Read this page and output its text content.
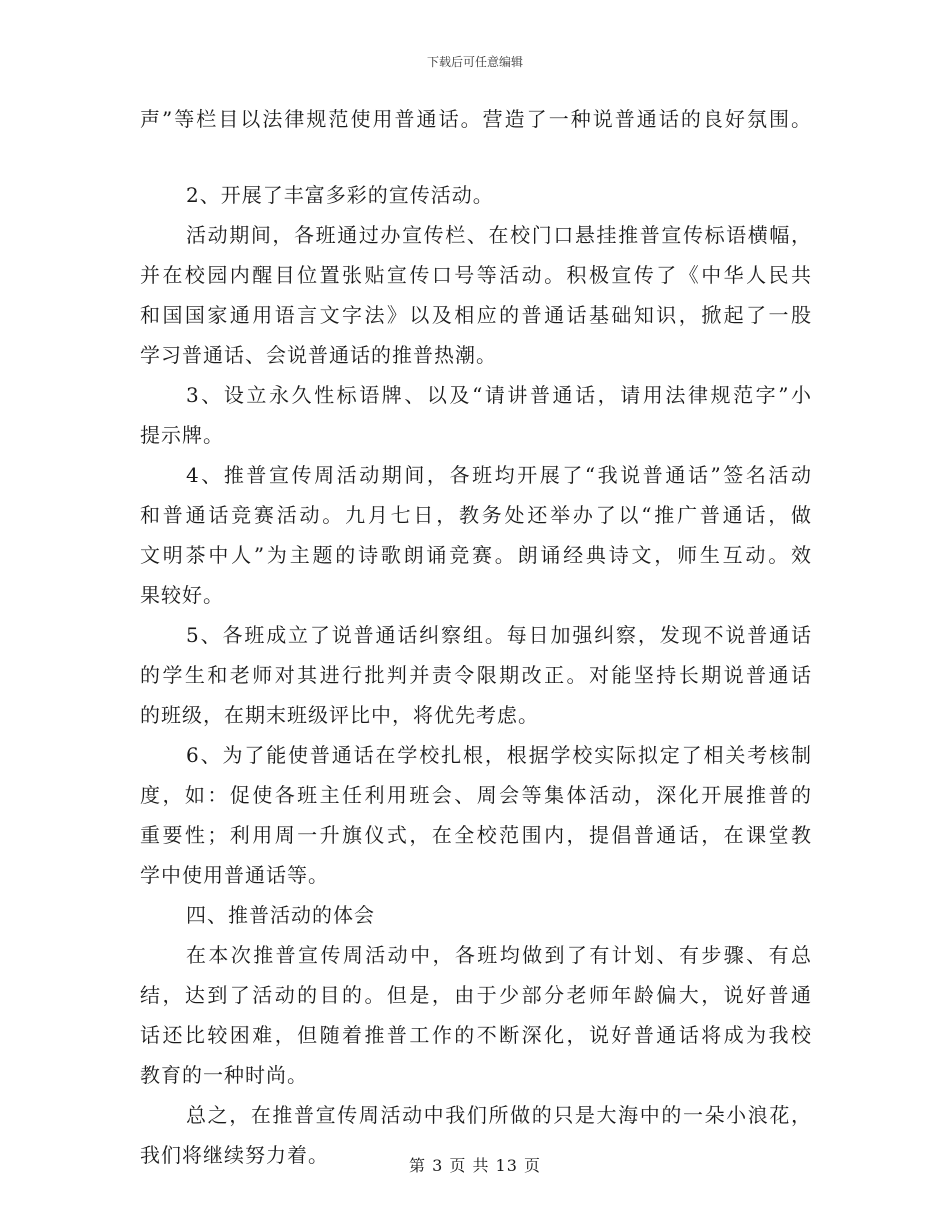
下载后可任意编辑
声”等栏目以法律规范使用普通话。营造了一种说普通话的良好氛围。
2、开展了丰富多彩的宣传活动。
活动期间，各班通过办宣传栏、在校门口悬挂推普宣传标语横幅，
并在校园内醒目位置张贴宣传口号等活动。积极宣传了《中华人民共
和国国家通用语言文字法》以及相应的普通话基础知识，掀起了一股
学习普通话、会说普通话的推普热潮。
3、设立永久性标语牌、以及“请讲普通话，请用法律规范字”小
提示牌。
4、推普宣传周活动期间，各班均开展了“我说普通话”签名活动
和普通话竞赛活动。九月七日，教务处还举办了以“推广普通话，做
文明茶中人”为主题的诗歌朗诵竞赛。朗诵经典诗文，师生互动。效
果较好。
5、各班成立了说普通话纠察组。每日加强纠察，发现不说普通话
的学生和老师对其进行批判并责令限期改正。对能坚持长期说普通话
的班级，在期末班级评比中，将优先考虑。
6、为了能使普通话在学校扎根，根据学校实际拟定了相关考核制
度，如：促使各班主任利用班会、周会等集体活动，深化开展推普的
重要性；利用周一升旗仪式，在全校范围内，提倡普通话，在课堂教
学中使用普通话等。
四、推普活动的体会
在本次推普宣传周活动中，各班均做到了有计划、有步骤、有总
结，达到了活动的目的。但是，由于少部分老师年龄偏大，说好普通
话还比较困难，但随着推普工作的不断深化，说好普通话将成为我校
教育的一种时尚。
总之，在推普宣传周活动中我们所做的只是大海中的一朵小浪花，
我们将继续努力着。	第 3 页 共 13 页
